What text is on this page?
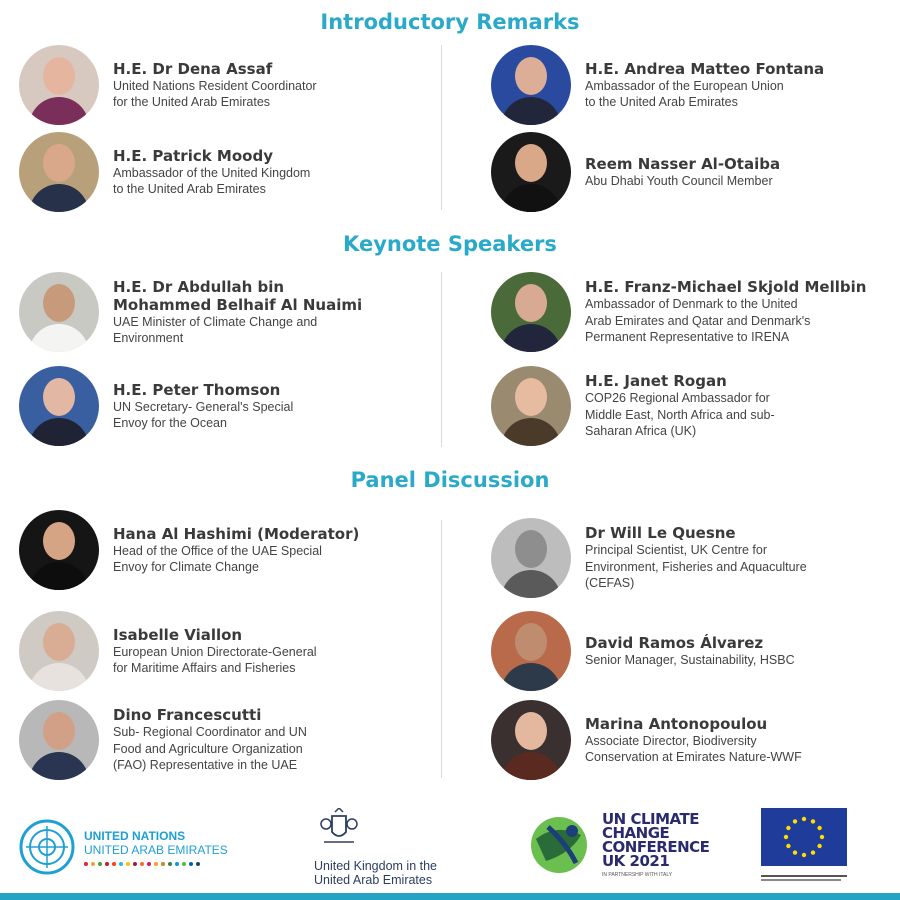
Introductory Remarks
Keynote Speakers
Panel Discussion
H.E. Dr Dena Assaf
United Nations Resident Coordinator
for the United Arab Emirates
H.E. Andrea Matteo Fontana
Ambassador of the European Union
to the United Arab Emirates
H.E. Patrick Moody
Ambassador of the United Kingdom
to the United Arab Emirates
Reem Nasser Al-Otaiba
Abu Dhabi Youth Council Member
H.E. Dr Abdullah bin
Mohammed Belhaif Al Nuaimi
UAE Minister of Climate Change and
Environment
H.E. Franz-Michael Skjold Mellbin
Ambassador of Denmark to the United
Arab Emirates and Qatar and Denmark's
Permanent Representative to IRENA
H.E. Peter Thomson
UN Secretary- General's Special
Envoy for the Ocean
H.E. Janet Rogan
COP26 Regional Ambassador for
Middle East, North Africa and sub-
Saharan Africa (UK)
Hana Al Hashimi (Moderator)
Head of the Office of the UAE Special
Envoy for Climate Change
Dr Will Le Quesne
Principal Scientist, UK Centre for
Environment, Fisheries and Aquaculture
(CEFAS)
Isabelle Viallon
European Union Directorate-General
for Maritime Affairs and Fisheries
David Ramos Álvarez
Senior Manager, Sustainability, HSBC
Dino Francescutti
Sub- Regional Coordinator and UN
Food and Agriculture Organization
(FAO) Representative in the UAE
Marina Antonopoulou
Associate Director, Biodiversity
Conservation at Emirates Nature-WWF
UNITED NATIONS
UNITED ARAB EMIRATES
United Kingdom in the
United Arab Emirates
UN CLIMATE
CHANGE
CONFERENCE
UK 2021
IN PARTNERSHIP WITH ITALY
